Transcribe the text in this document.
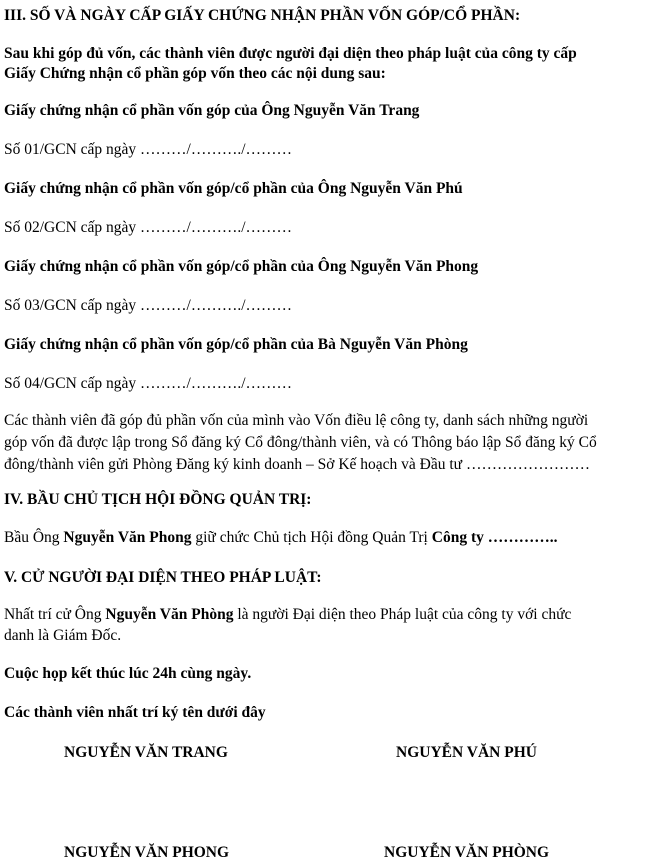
III. SỐ VÀ NGÀY CẤP GIẤY CHỨNG NHẬN PHẦN VỐN GÓP/CỔ PHẦN:
Sau khi góp đủ vốn, các thành viên được người đại diện theo pháp luật của công ty cấp
Giấy Chứng nhận cổ phần góp vốn theo các nội dung sau:
Giấy chứng nhận cổ phần vốn góp của Ông Nguyễn Văn Trang
Số 01/GCN cấp ngày ………/………./………
Giấy chứng nhận cổ phần vốn góp/cổ phần của Ông Nguyễn Văn Phú
Số 02/GCN cấp ngày ………/………./………
Giấy chứng nhận cổ phần vốn góp/cổ phần của Ông Nguyễn Văn Phong
Số 03/GCN cấp ngày ………/………./………
Giấy chứng nhận cổ phần vốn góp/cổ phần của Bà Nguyễn Văn Phòng
Số 04/GCN cấp ngày ………/………./………
Các thành viên đã góp đủ phần vốn của mình vào Vốn điều lệ công ty, danh sách những người
góp vốn đã được lập trong Sổ đăng ký Cổ đông/thành viên, và có Thông báo lập Sổ đăng ký Cổ
đông/thành viên gửi Phòng Đăng ký kinh doanh – Sở Kế hoạch và Đầu tư ……………………
IV. BẦU CHỦ TỊCH HỘI ĐỒNG QUẢN TRỊ:
Bầu Ông Nguyễn Văn Phong giữ chức Chủ tịch Hội đồng Quản Trị Công ty …………..
V. CỬ NGƯỜI ĐẠI DIỆN THEO PHÁP LUẬT:
Nhất trí cử Ông Nguyễn Văn Phòng là người Đại diện theo Pháp luật của công ty với chức
danh là Giám Đốc.
Cuộc họp kết thúc lúc 24h cùng ngày.
Các thành viên nhất trí ký tên dưới đây
NGUYỄN VĂN TRANG	NGUYỄN VĂN PHÚ
NGUYỄN VĂN PHONG	NGUYỄN VĂN PHÒNG
